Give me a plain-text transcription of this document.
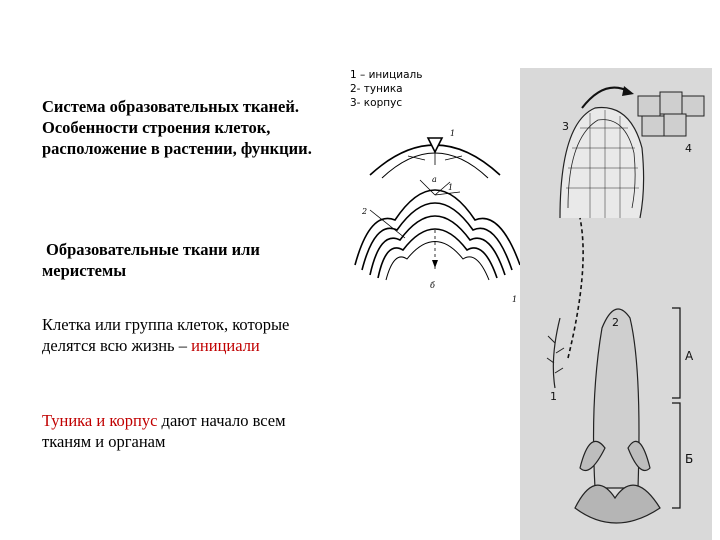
Система образовательных тканей. Особенности строения клеток, расположение в растении, функции.
Образовательные ткани или меристемы
Клетка или группа клеток, которые делятся всю жизнь – инициали
Туника и корпус дают начало всем тканям и органам
1 – инициаль
2- туника
3- корпус
1
а
1
2
б
1
3
4
2
1
А
Б
